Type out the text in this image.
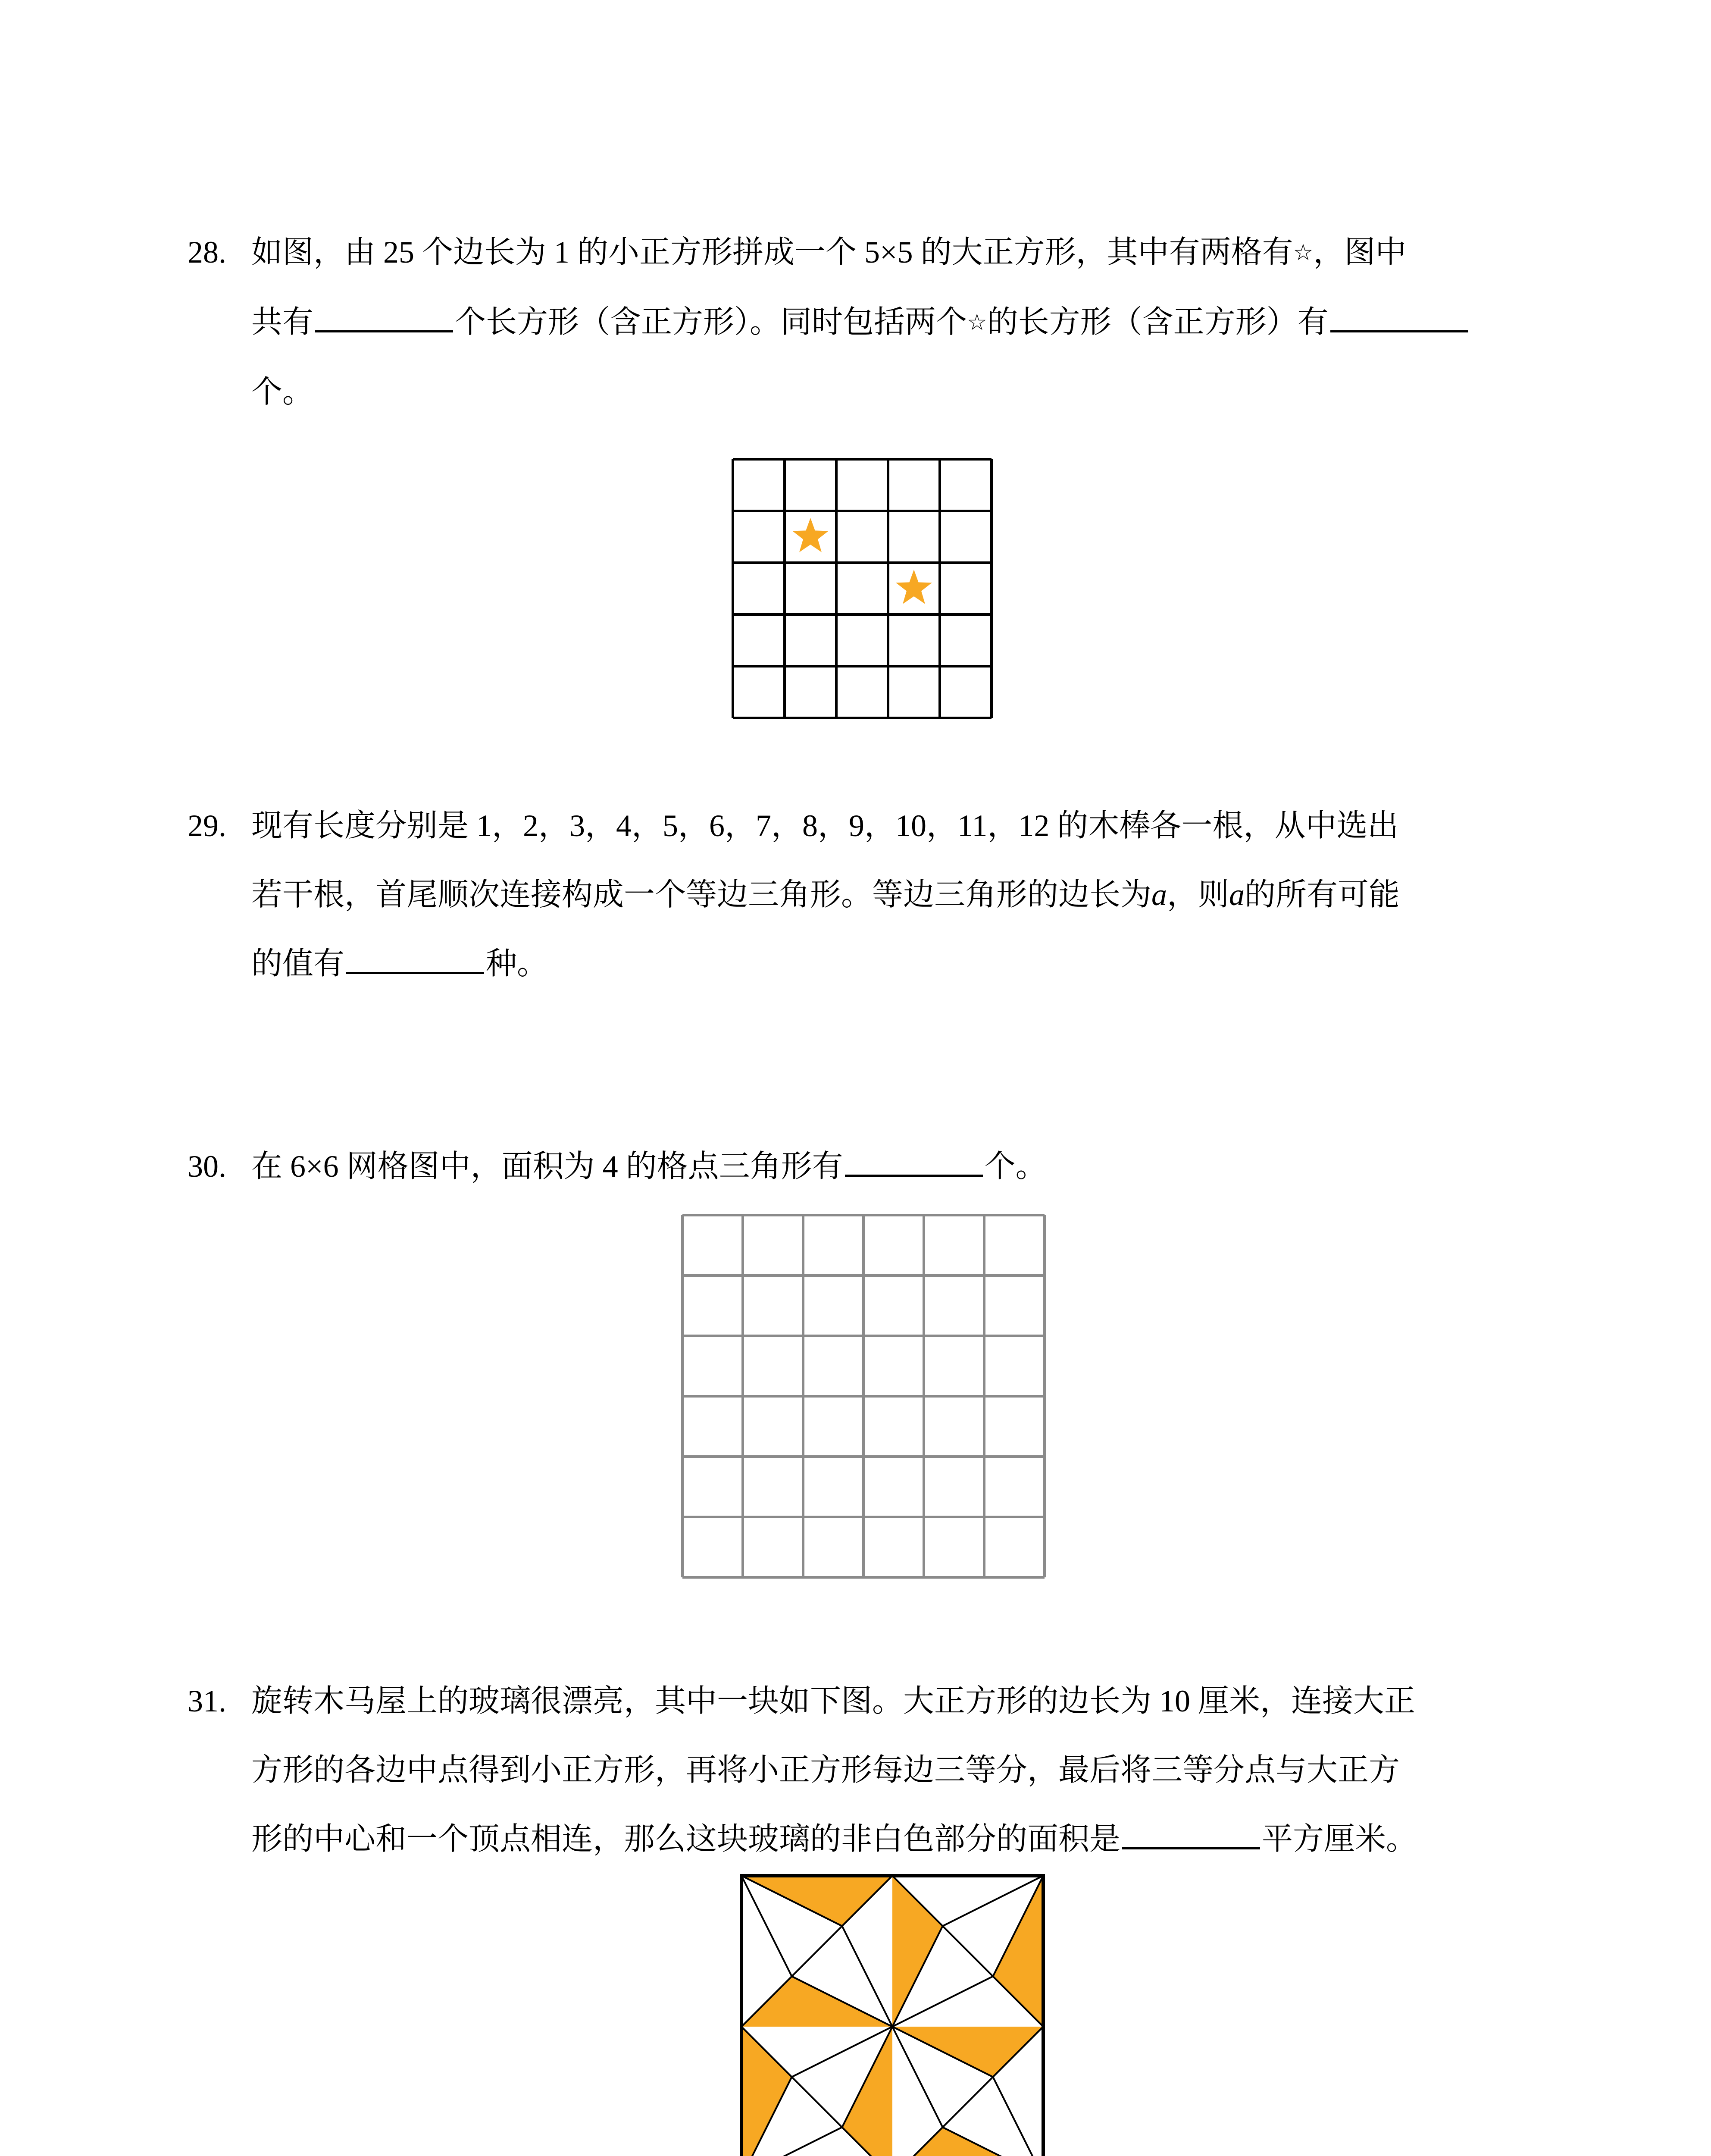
28. 如图，由 25 个边长为 1 的小正方形拼成一个 5×5 的大正方形，其中有两格有☆，图中

共有	个长方形（含正方形）。同时包括两个☆的长方形（含正方形）有

个。

29. 现有长度分别是 1，2，3，4，5，6，7，8，9，10，11，12 的木棒各一根，从中选出

若干根，首尾顺次连接构成一个等边三角形。等边三角形的边长为a，则a的所有可能

的值有	种。

30. 在 6×6 网格图中，面积为 4 的格点三角形有	个。

31. 旋转木马屋上的玻璃很漂亮，其中一块如下图。大正方形的边长为 10 厘米，连接大正

方形的各边中点得到小正方形，再将小正方形每边三等分，最后将三等分点与大正方

形的中心和一个顶点相连，那么这块玻璃的非白色部分的面积是	平方厘米。
